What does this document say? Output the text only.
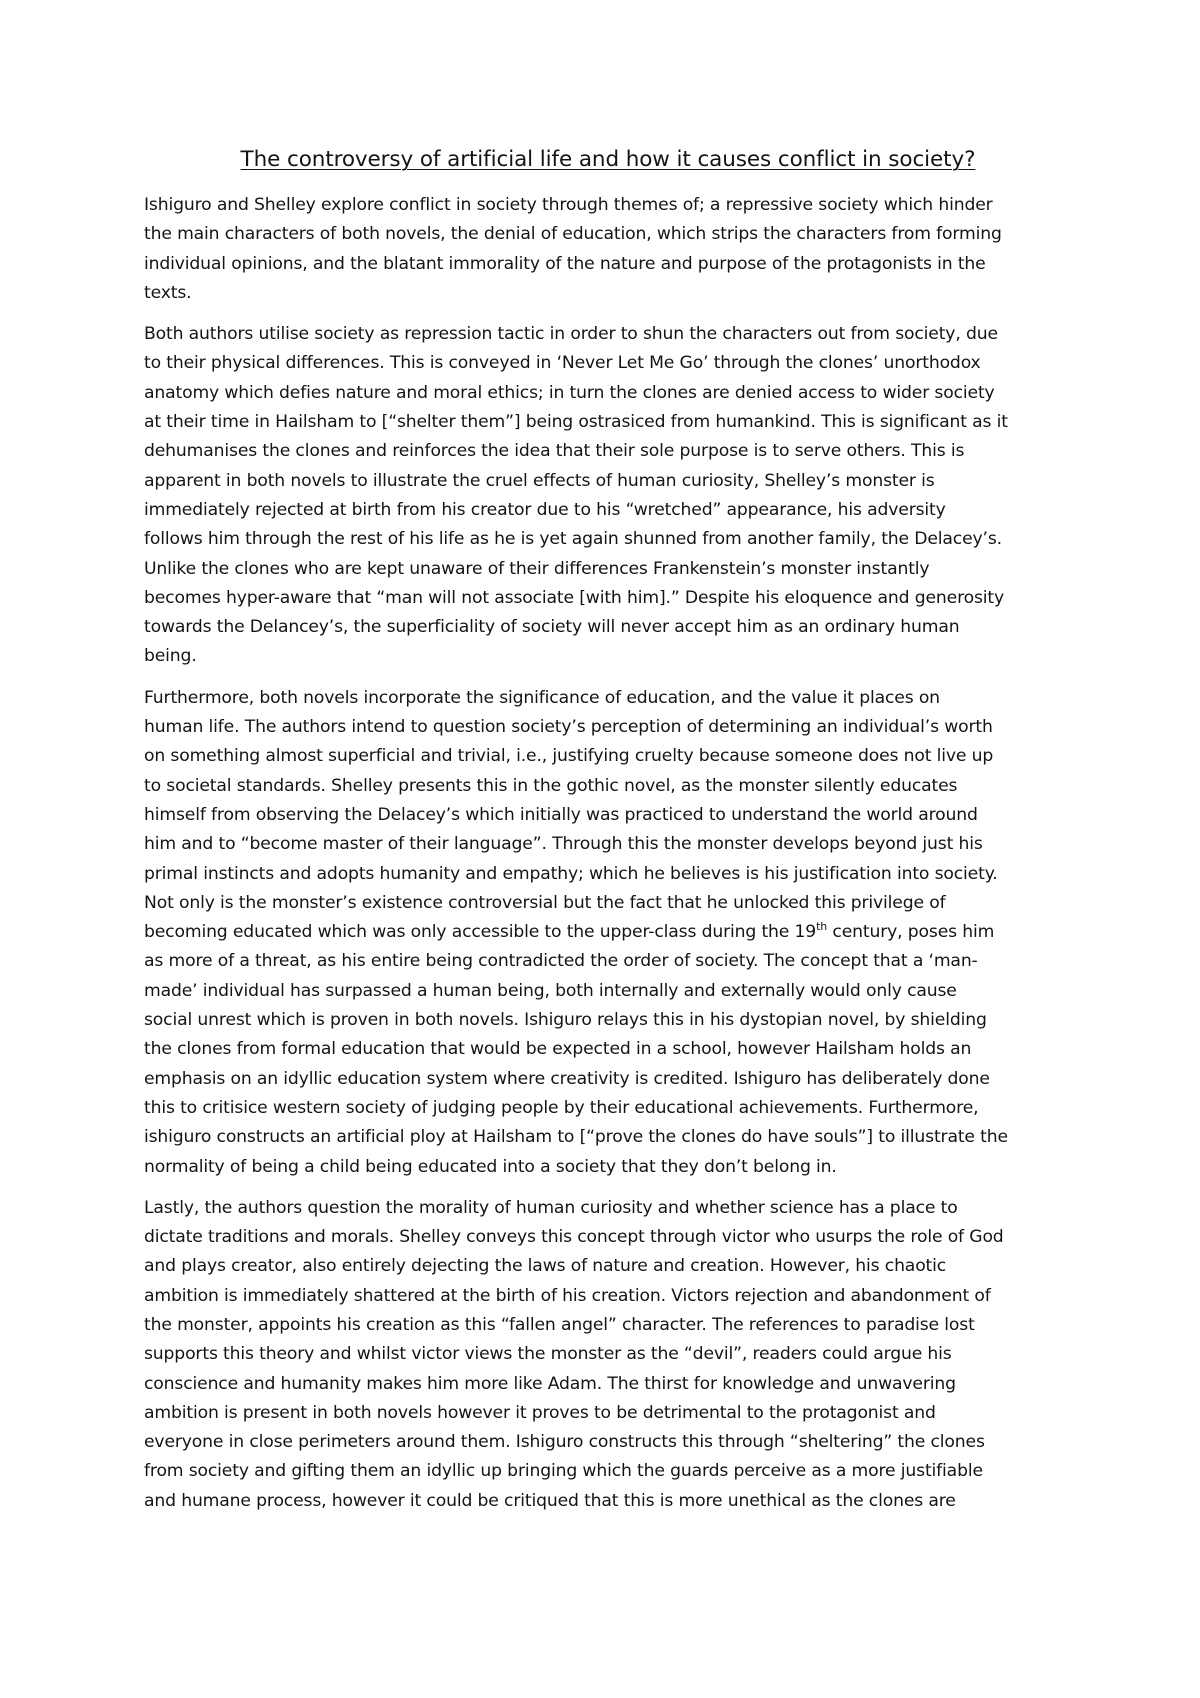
The controversy of artificial life and how it causes conflict in society?
Ishiguro and Shelley explore conflict in society through themes of; a repressive society which hinder
the main characters of both novels, the denial of education, which strips the characters from forming
individual opinions, and the blatant immorality of the nature and purpose of the protagonists in the
texts.
Both authors utilise society as repression tactic in order to shun the characters out from society, due
to their physical differences. This is conveyed in ‘Never Let Me Go’ through the clones’ unorthodox
anatomy which defies nature and moral ethics; in turn the clones are denied access to wider society
at their time in Hailsham to [“shelter them”] being ostrasiced from humankind. This is significant as it
dehumanises the clones and reinforces the idea that their sole purpose is to serve others. This is
apparent in both novels to illustrate the cruel effects of human curiosity, Shelley’s monster is
immediately rejected at birth from his creator due to his “wretched” appearance, his adversity
follows him through the rest of his life as he is yet again shunned from another family, the Delacey’s.
Unlike the clones who are kept unaware of their differences Frankenstein’s monster instantly
becomes hyper-aware that “man will not associate [with him].” Despite his eloquence and generosity
towards the Delancey’s, the superficiality of society will never accept him as an ordinary human
being.
Furthermore, both novels incorporate the significance of education, and the value it places on
human life. The authors intend to question society’s perception of determining an individual’s worth
on something almost superficial and trivial, i.e., justifying cruelty because someone does not live up
to societal standards. Shelley presents this in the gothic novel, as the monster silently educates
himself from observing the Delacey’s which initially was practiced to understand the world around
him and to “become master of their language”. Through this the monster develops beyond just his
primal instincts and adopts humanity and empathy; which he believes is his justification into society.
Not only is the monster’s existence controversial but the fact that he unlocked this privilege of
becoming educated which was only accessible to the upper-class during the 19th century, poses him
as more of a threat, as his entire being contradicted the order of society. The concept that a ‘man-
made’ individual has surpassed a human being, both internally and externally would only cause
social unrest which is proven in both novels. Ishiguro relays this in his dystopian novel, by shielding
the clones from formal education that would be expected in a school, however Hailsham holds an
emphasis on an idyllic education system where creativity is credited. Ishiguro has deliberately done
this to critisice western society of judging people by their educational achievements. Furthermore,
ishiguro constructs an artificial ploy at Hailsham to [“prove the clones do have souls”] to illustrate the
normality of being a child being educated into a society that they don’t belong in.
Lastly, the authors question the morality of human curiosity and whether science has a place to
dictate traditions and morals. Shelley conveys this concept through victor who usurps the role of God
and plays creator, also entirely dejecting the laws of nature and creation. However, his chaotic
ambition is immediately shattered at the birth of his creation. Victors rejection and abandonment of
the monster, appoints his creation as this “fallen angel” character. The references to paradise lost
supports this theory and whilst victor views the monster as the “devil”, readers could argue his
conscience and humanity makes him more like Adam. The thirst for knowledge and unwavering
ambition is present in both novels however it proves to be detrimental to the protagonist and
everyone in close perimeters around them. Ishiguro constructs this through “sheltering” the clones
from society and gifting them an idyllic up bringing which the guards perceive as a more justifiable
and humane process, however it could be critiqued that this is more unethical as the clones are
